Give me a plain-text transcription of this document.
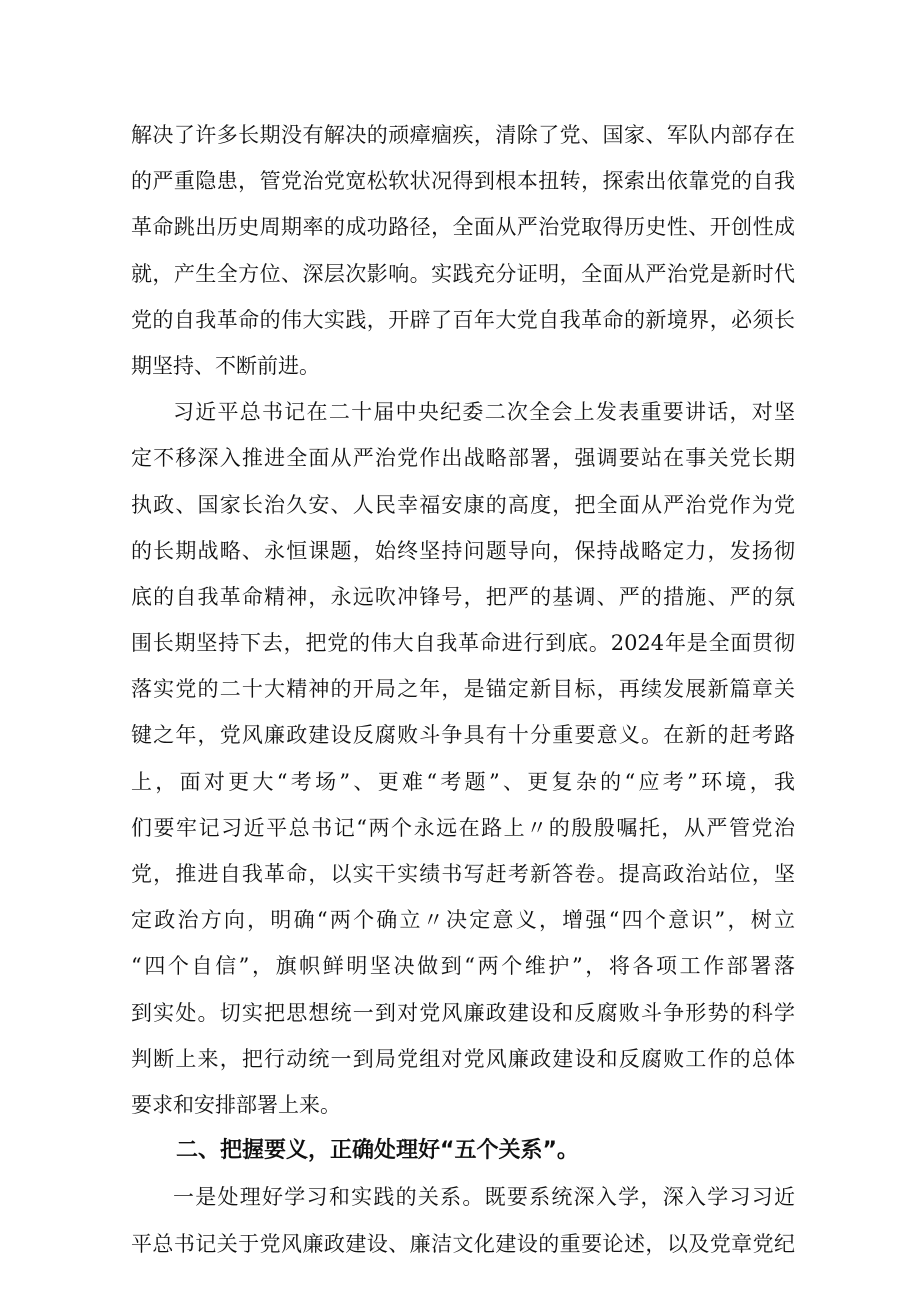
解决了许多长期没有解决的顽瘴痼疾，清除了党、国家、军队内部存在
的严重隐患，管党治党宽松软状况得到根本扭转，探索出依靠党的自我
革命跳出历史周期率的成功路径，全面从严治党取得历史性、开创性成
就，产生全方位、深层次影响。实践充分证明，全面从严治党是新时代
党的自我革命的伟大实践，开辟了百年大党自我革命的新境界，必须长
期坚持、不断前进。
习近平总书记在二十届中央纪委二次全会上发表重要讲话，对坚
定不移深入推进全面从严治党作出战略部署，强调要站在事关党长期
执政、国家长治久安、人民幸福安康的高度，把全面从严治党作为党
的长期战略、永恒课题，始终坚持问题导向，保持战略定力，发扬彻
底的自我革命精神，永远吹冲锋号，把严的基调、严的措施、严的氛
围长期坚持下去，把党的伟大自我革命进行到底。2024年是全面贯彻
落实党的二十大精神的开局之年，是锚定新目标，再续发展新篇章关
键之年，党风廉政建设反腐败斗争具有十分重要意义。在新的赶考路
上，面对更大“考场”、更难“考题”、更复杂的“应考”环境，我
们要牢记习近平总书记“两个永远在路上〃的殷殷嘱托，从严管党治
党，推进自我革命，以实干实绩书写赶考新答卷。提高政治站位，坚
定政治方向，明确“两个确立〃决定意义，增强“四个意识”，树立
“四个自信”，旗帜鲜明坚决做到“两个维护”，将各项工作部署落
到实处。切实把思想统一到对党风廉政建设和反腐败斗争形势的科学
判断上来，把行动统一到局党组对党风廉政建设和反腐败工作的总体
要求和安排部署上来。
二、把握要义，正确处理好“五个关系”。
一是处理好学习和实践的关系。既要系统深入学，深入学习习近
平总书记关于党风廉政建设、廉洁文化建设的重要论述，以及党章党纪
